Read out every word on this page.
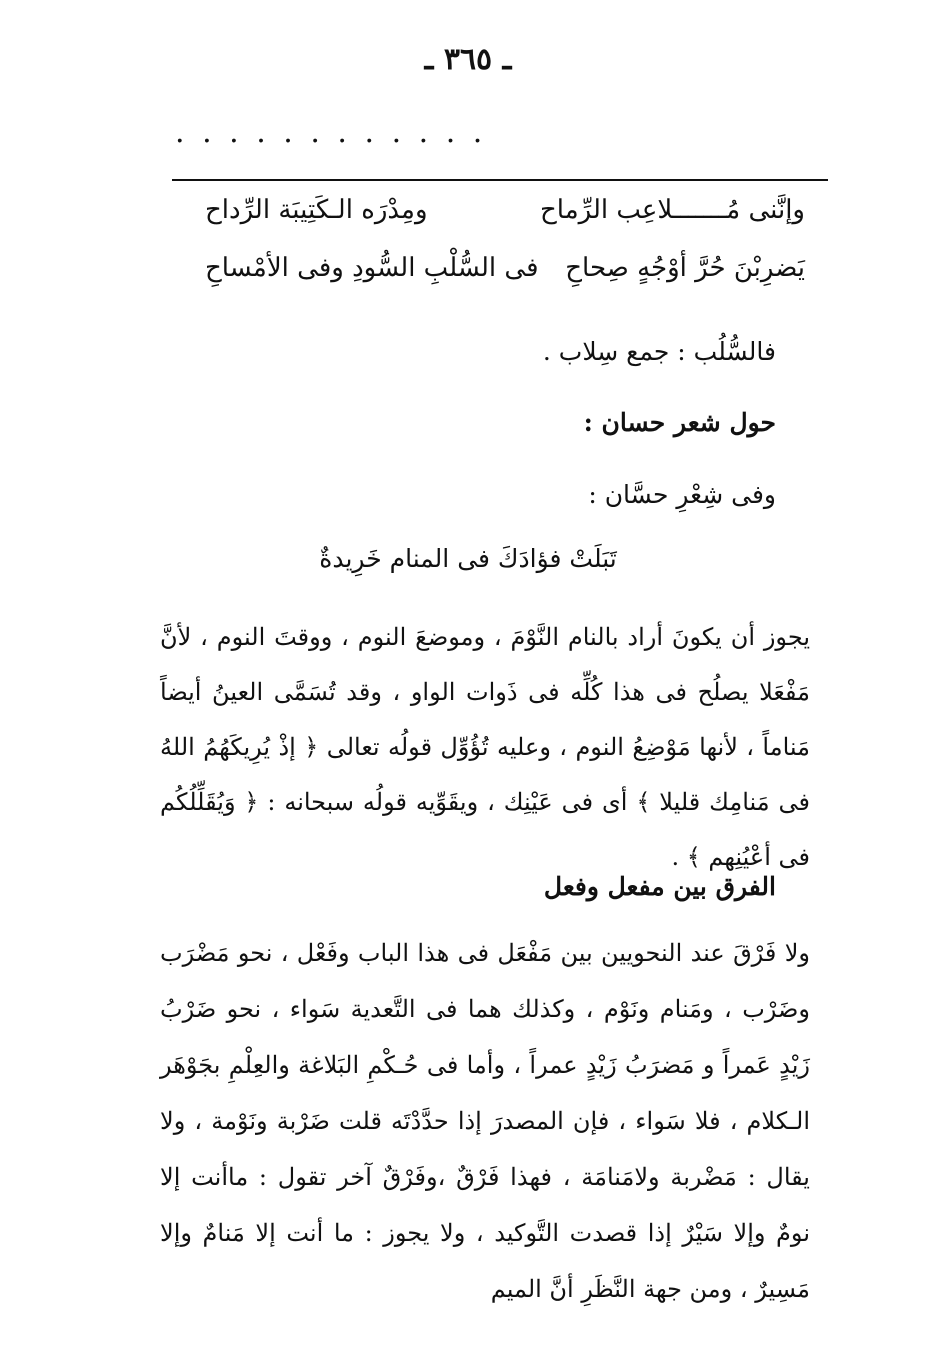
ـ ٣٦٥ ـ
. . . . . . . . . . . .
وإنَّنى مُـــــــلاعِب الرِّماح
ومِدْرَه الـكَتِيبَة الرِّداح
يَضرِبْنَ حُرَّ أوْجُهٍ صِحاحِ
فى السُّلْبِ السُّودِ وفى الأمْساحِ
فالسُّلُب : جمع سِلاب .
حول شعر حسان :
وفى شِعْرِ حسَّان :
تَبَلَتْ فؤادَكَ فى المنام خَرِيدةٌ
يجوز أن يكونَ أراد بالنام النَّوْمَ ، وموضعَ النوم ، ووقتَ النوم ، لأنَّ مَفْعَلا يصلُح فى هذا كُلِّه فى ذَوات الواو ، وقد تُسَمَّى العينُ أيضاً مَناماً ، لأنها مَوْضِعُ النوم ، وعليه تُؤُوِّل قولُه تعالى ﴿ إذْ يُرِيكَهُمُ اللهُ فى مَنامِك قليلا ﴾ أى فى عَيْنِك ، ويقَوِّيه قولُه سبحانه : ﴿ وَيُقَلِّلُكُم فى أعْيُنِهم ﴾ .
الفرق بين مفعل وفعل
ولا فَرْقَ عند النحويين بين مَفْعَل فى هذا الباب وفَعْل ، نحو مَضْرَب وضَرْب ، ومَنام ونَوْم ، وكذلك هما فى التَّعدية سَواء ، نحو ضَرْبُ زَيْدٍ عَمراً و مَضرَبُ زَيْدٍ عمراً ، وأما فى حُـكْمِ البَلاغة والعِلْمِ بجَوْهَر الـكلام ، فلا سَواء ، فإن المصدرَ إذا حدَّدْتَه قلت ضَرْبة ونَوْمة ، ولا يقال : مَضْربة ولامَنامَة ، فهذا فَرْقٌ ،وفَرْقٌ آخر تقول : ماأنت إلا نومٌ وإلا سَيْرٌ إذا قصدت التَّوكيد ، ولا يجوز : ما أنت إلا مَنامٌ وإلا مَسِيرٌ ، ومن جهة النَّظَرِ أنَّ الميم
